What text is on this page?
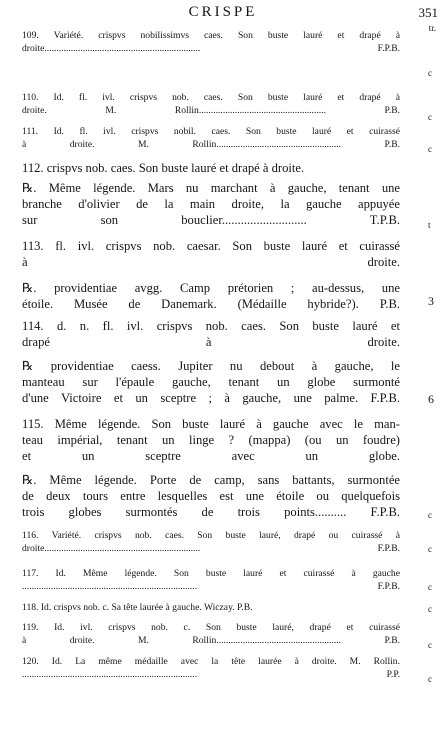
CRISPE	351
tr.

109. Variété. crispvs nobilissimvs caes. Son buste lauré et drapé à
droite................................................................. F.P.B.

c

110. Id. fl. ivl. crispvs nob. caes. Son buste lauré et drapé à
droite. M. Rollin..................................................... P.B.

c

111. Id. fl. ivl. crispvs nobil. caes. Son buste lauré et cuirassé
à droite. M. Rollin.................................................... P.B.	c

112. crispvs nob. caes. Son buste lauré et drapé à droite.

℞. Même légende. Mars nu marchant à gauche, tenant une
branche d'olivier de la main droite, la gauche appuyée
sur son bouclier........................... T.P.B.	t

113. fl. ivl. crispvs nob. caesar. Son buste lauré et cuirassé
à droite.

℞. providentiae avgg. Camp prétorien ; au-dessus, une
étoile. Musée de Danemark. (Médaille hybride?). P.B. 3

114. d. n. fl. ivl. crispvs nob. caes. Son buste lauré et
drapé à droite.

℞ providentiae caess. Jupiter nu debout à gauche, le
manteau sur l'épaule gauche, tenant un globe surmonté
d'une Victoire et un sceptre ; à gauche, une palme. F.P.B. 6

115. Même légende. Son buste lauré à gauche avec le man-
teau impérial, tenant un linge ? (mappa) (ou un foudre)
et un sceptre avec un globe.

℞. Même légende. Porte de camp, sans battants, surmontée
de deux tours entre lesquelles est une étoile ou quelquefois
trois globes surmontés de trois points.......... F.P.B.	c

116. Variété. crispvs nob. caes. Son buste lauré, drapé ou cuirassé à
droite................................................................. F.P.B.	c

117. Id. Même légende. Son buste lauré et cuirassé à gauche
......................................................................... F.P.B.	c

118. Id. crispvs nob. c. Sa tête laurée à gauche. Wiczay. P.B.	c

119. Id. ivl. crispvs nob. c. Son buste lauré, drapé et cuirassé
à droite. M. Rollin.................................................... P.B.	c

120. Id. La même médaille avec la tête laurée à droite. M. Rollin.
......................................................................... P.P.	c
